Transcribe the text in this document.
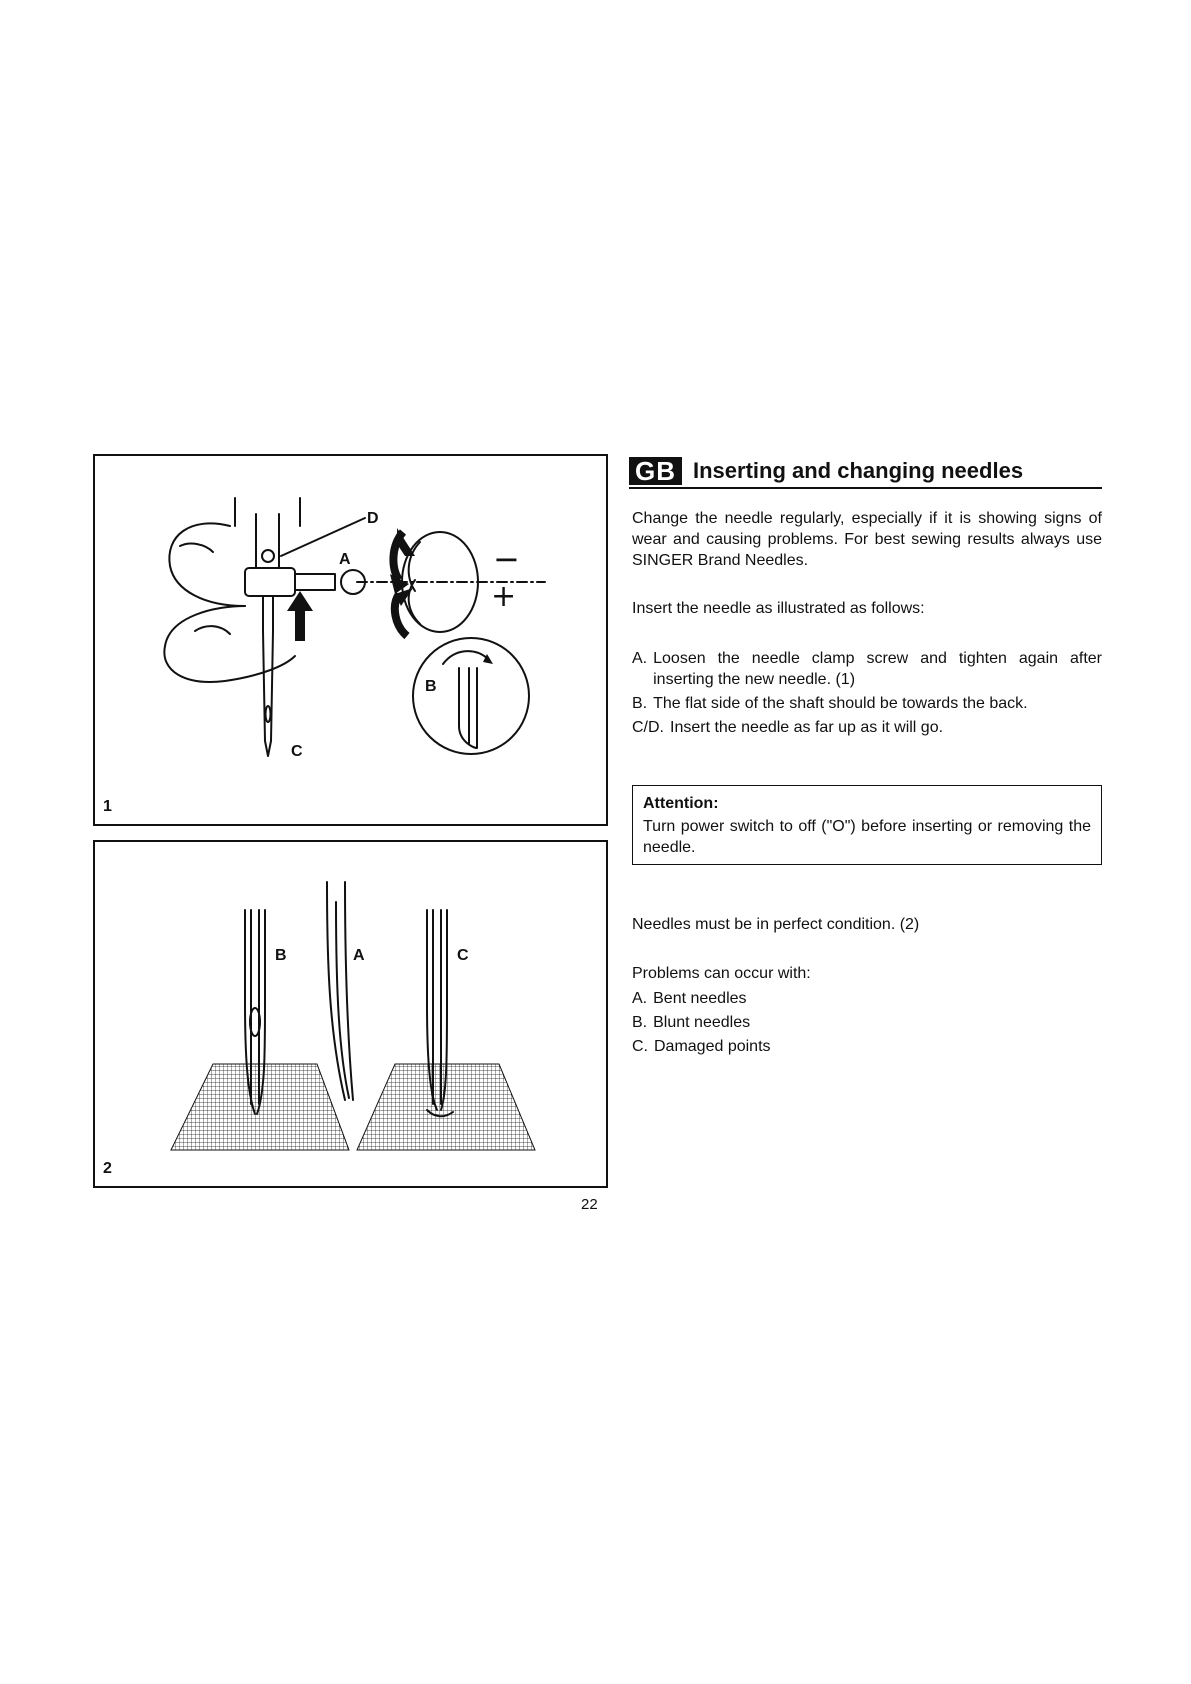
−
+
D
A
B
C
1
B	A	C
2
22
GB Inserting and changing needles

Change the needle regularly, especially if it is showing signs of wear and causing problems. For best sewing results always use SINGER Brand Needles.

Insert the needle as illustrated as follows:

A. Loosen the needle clamp screw and tighten again after inserting the new needle. (1)
B. The flat side of the shaft should be towards the back.
C/D. Insert the needle as far up as it will go.
Attention:
Turn power switch to off ("O") before inserting or removing the needle.

Needles must be in perfect condition. (2)

Problems can occur with:

A. Bent needles
B. Blunt needles
C. Damaged points
